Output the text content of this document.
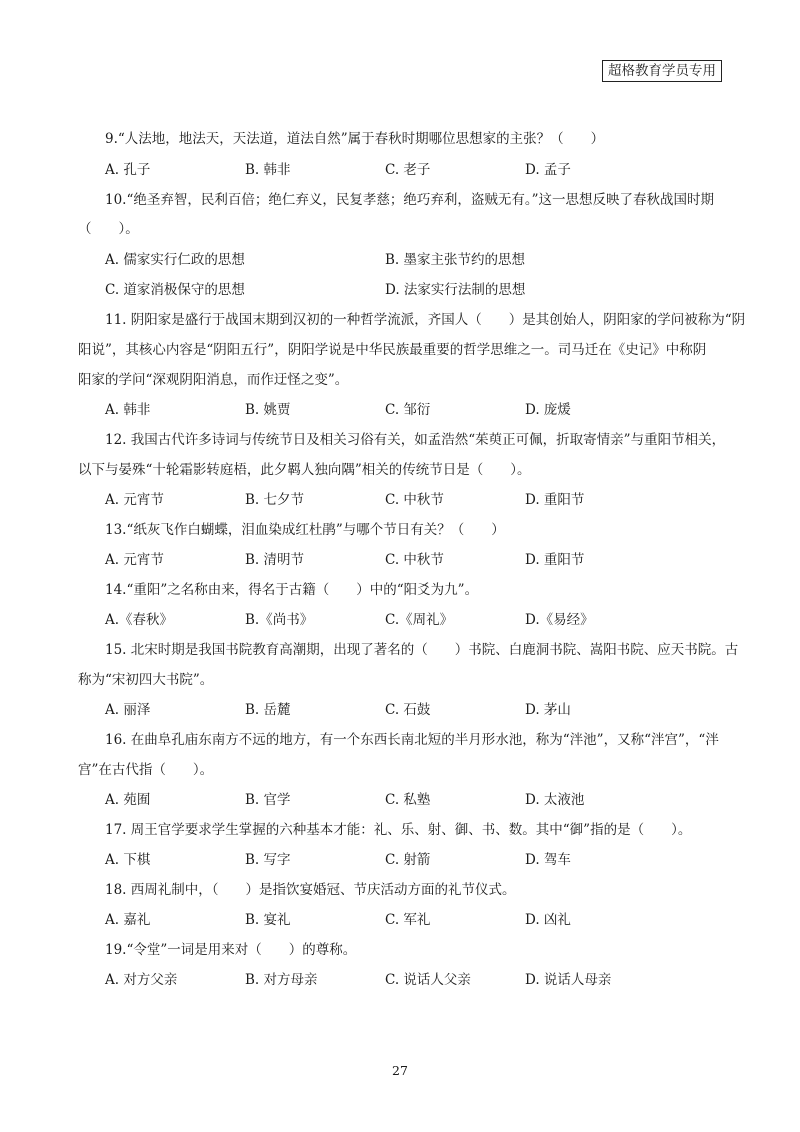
超格教育学员专用
9.“人法地，地法天，天法道，道法自然”属于春秋时期哪位思想家的主张？（　　）
A. 孔子	B. 韩非	C. 老子	D. 孟子
10.“绝圣弃智，民利百倍；绝仁弃义，民复孝慈；绝巧弃利，盗贼无有。”这一思想反映了春秋战国时期
（　　）。
A. 儒家实行仁政的思想	B. 墨家主张节约的思想
C. 道家消极保守的思想	D. 法家实行法制的思想
11. 阴阳家是盛行于战国末期到汉初的一种哲学流派，齐国人（　　）是其创始人，阴阳家的学问被称为“阴
阳说”，其核心内容是“阴阳五行”，阴阳学说是中华民族最重要的哲学思维之一。司马迁在《史记》中称阴
阳家的学问“深观阴阳消息，而作迂怪之变”。
A. 韩非	B. 姚贾	C. 邹衍	D. 庞煖
12. 我国古代许多诗词与传统节日及相关习俗有关，如孟浩然“茱萸正可佩，折取寄情亲”与重阳节相关，
以下与晏殊“十轮霜影转庭梧，此夕羁人独向隅”相关的传统节日是（　　）。
A. 元宵节	B. 七夕节	C. 中秋节	D. 重阳节
13.“纸灰飞作白蝴蝶，泪血染成红杜鹃”与哪个节日有关？（　　）
A. 元宵节	B. 清明节	C. 中秋节	D. 重阳节
14.“重阳”之名称由来，得名于古籍（　　）中的“阳爻为九”。
A.《春秋》	B.《尚书》	C.《周礼》	D.《易经》
15. 北宋时期是我国书院教育高潮期，出现了著名的（　　）书院、白鹿洞书院、嵩阳书院、应天书院。古
称为“宋初四大书院”。
A. 丽泽	B. 岳麓	C. 石鼓	D. 茅山
16. 在曲阜孔庙东南方不远的地方，有一个东西长南北短的半月形水池，称为“泮池”，又称“泮宫”，“泮
宫”在古代指（　　）。
A. 苑囿	B. 官学	C. 私塾	D. 太液池
17. 周王官学要求学生掌握的六种基本才能：礼、乐、射、御、书、数。其中“御”指的是（　　）。
A. 下棋	B. 写字	C. 射箭	D. 驾车
18. 西周礼制中，（　　）是指饮宴婚冠、节庆活动方面的礼节仪式。
A. 嘉礼	B. 宴礼	C. 军礼	D. 凶礼
19.“令堂”一词是用来对（　　）的尊称。
A. 对方父亲	B. 对方母亲	C. 说话人父亲	D. 说话人母亲
27
